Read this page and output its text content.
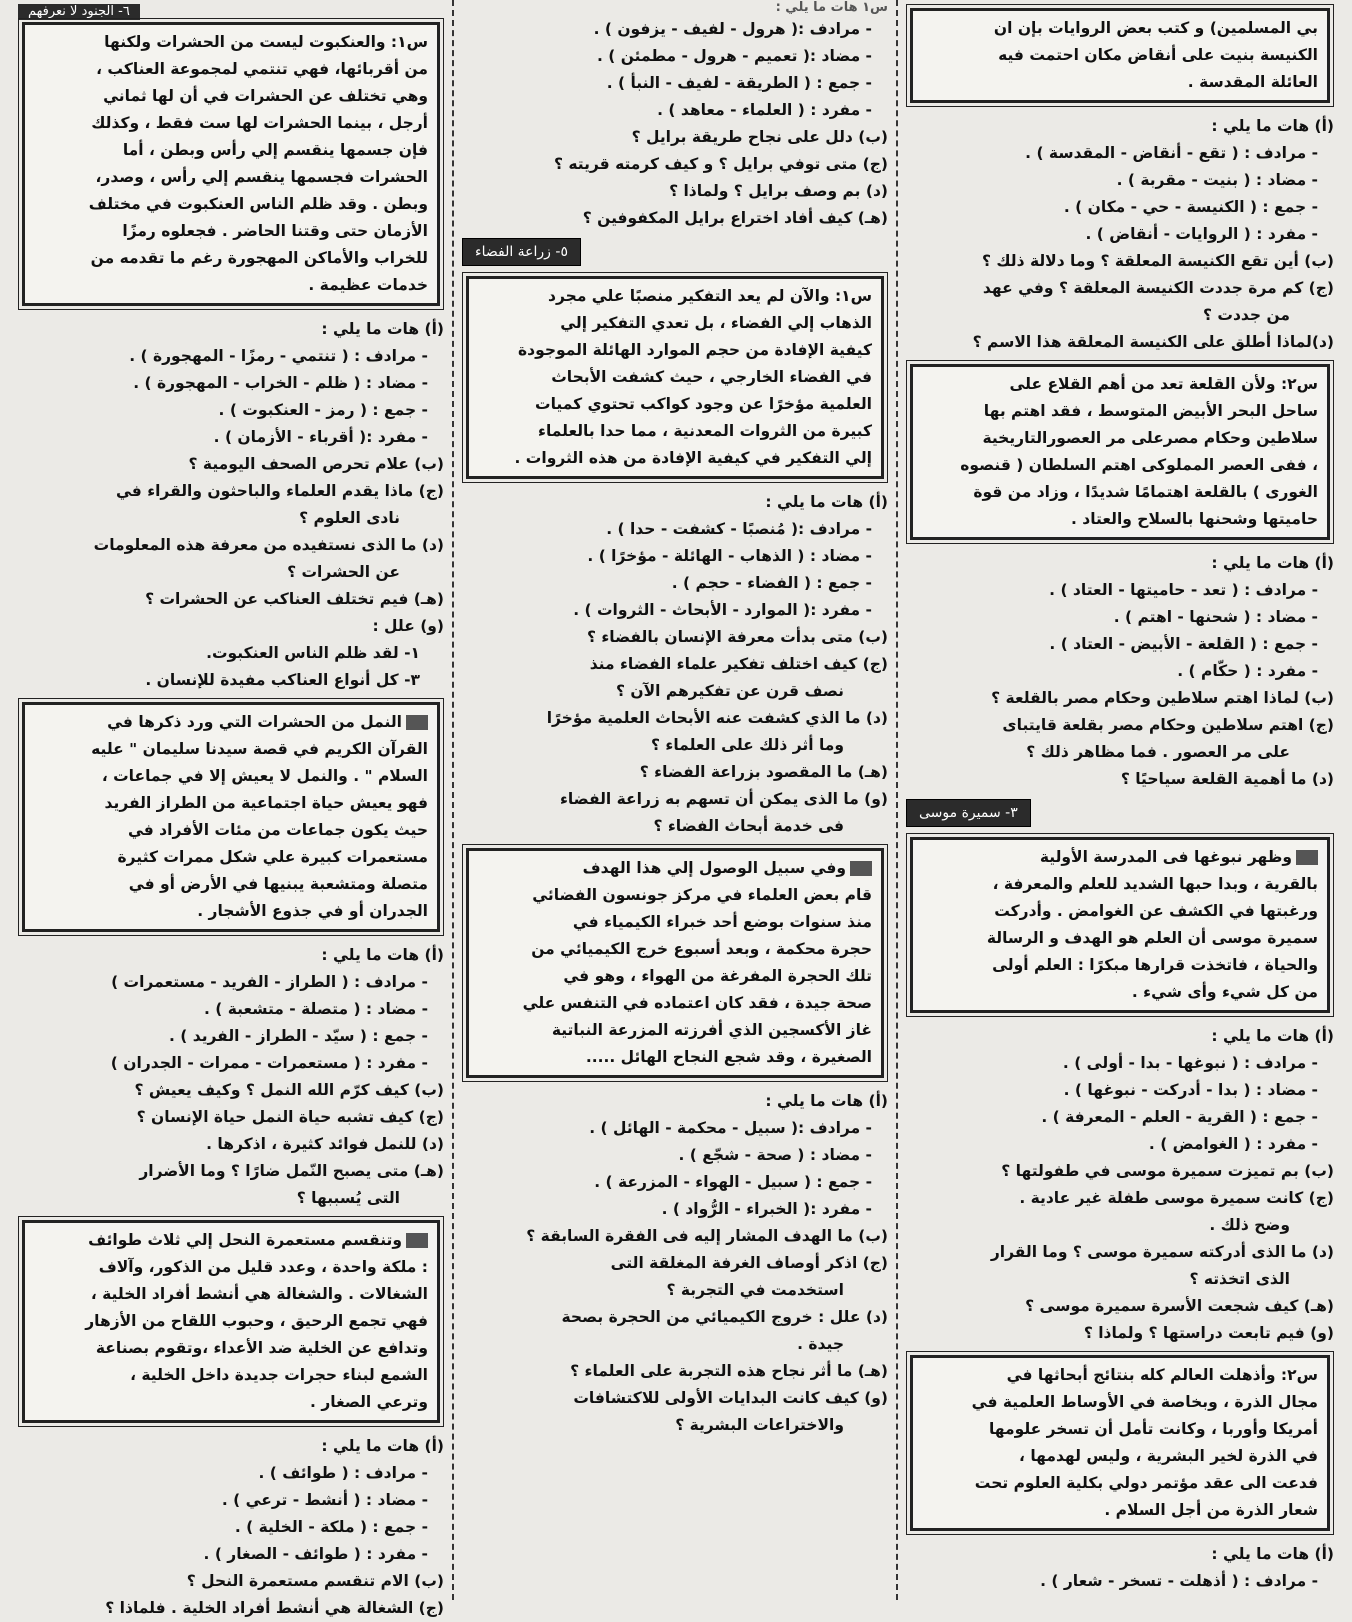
بي المسلمين) و كتب بعض الروايات بإن ان
الكنيسة بنيت على أنقاض مكان احتمت فيه
العائلة المقدسة .
(أ) هات ما يلي :
- مرادف : ( تقع - أنقاض - المقدسة ) .
- مضاد : ( بنيت - مقربة ) .
- جمع : ( الكنيسة - حي - مكان ) .
- مفرد : ( الروايات - أنقاض ) .
(ب) أين تقع الكنيسة المعلقة ؟ وما دلالة ذلك ؟
(ج) كم مرة جددت الكنيسة المعلقة ؟ وفي عهد
من جددت ؟
(د)لماذا أطلق على الكنيسة المعلقة هذا الاسم ؟
س٢: ولأن القلعة تعد من أهم القلاع على
ساحل البحر الأبيض المتوسط ، فقد اهتم بها
سلاطين وحكام مصرعلى مر العصورالتاريخية
، ففى العصر المملوكى اهتم السلطان ( قنصوه
الغورى ) بالقلعة اهتمامًا شديدًا ، وزاد من قوة
حاميتها وشحنها بالسلاح والعتاد .
(أ) هات ما يلي :
- مرادف : ( تعد - حاميتها - العتاد ) .
- مضاد : ( شحنها - اهتم ) .
- جمع : ( القلعة - الأبيض - العتاد ) .
- مفرد : ( حكّام ) .
(ب) لماذا اهتم سلاطين وحكام مصر بالقلعة ؟
(ج) اهتم سلاطين وحكام مصر بقلعة قايتباى
على مر العصور . فما مظاهر ذلك ؟
(د) ما أهمية القلعة سياحيًا ؟
٣- سميرة موسى
وظهر نبوغها فى المدرسة الأولية
بالقرية ، وبدا حبها الشديد للعلم والمعرفة ،
ورغبتها في الكشف عن الغوامض . وأدركت
سميرة موسى أن العلم هو الهدف و الرسالة
والحياة ، فاتخذت قرارها مبكرًا : العلم أولى
من كل شيء وأى شيء .
(أ) هات ما يلي :
- مرادف : ( نبوغها - بدا - أولى ) .
- مضاد : ( بدا - أدركت - نبوغها ) .
- جمع : ( القرية - العلم - المعرفة ) .
- مفرد : ( الغوامض ) .
(ب) بم تميزت سميرة موسى في طفولتها ؟
(ج) كانت سميرة موسى طفلة غير عادية .
وضح ذلك .
(د) ما الذى أدركته سميرة موسى ؟ وما القرار
الذى اتخذته ؟
(هـ) كيف شجعت الأسرة سميرة موسى ؟
(و) فيم تابعت دراستها ؟ ولماذا ؟
س٢: وأذهلت العالم كله بنتائج أبحاثها في
مجال الذرة ، وبخاصة في الأوساط العلمية في
أمريكا وأوربا ، وكانت تأمل أن تسخر علومها
في الذرة لخير البشرية ، وليس لهدمها ،
فدعت الى عقد مؤتمر دولي بكلية العلوم تحت
شعار الذرة من أجل السلام .
(أ) هات ما يلي :
- مرادف : ( أذهلت - تسخر - شعار ) .
س١ هات ما يلي :
- مرادف :( هرول - لفيف - يزفون ) .
- مضاد :( تعميم - هرول - مطمئن ) .
- جمع : ( الطريقة - لفيف - النبأ ) .
- مفرد : ( العلماء - معاهد ) .
(ب) دلل على نجاح طريقة برايل ؟
(ج) متى توفي برايل ؟ و كيف كرمته قريته ؟
(د) بم وصف برايل ؟ ولماذا ؟
(هـ) كيف أفاد اختراع برايل المكفوفين ؟
٥- زراعة الفضاء
س١: والآن لم يعد التفكير منصبًا علي مجرد
الذهاب إلي الفضاء ، بل تعدي التفكير إلي
كيفية الإفادة من حجم الموارد الهائلة الموجودة
في الفضاء الخارجي ، حيث كشفت الأبحاث
العلمية مؤخرًا عن وجود كواكب تحتوي كميات
كبيرة من الثروات المعدنية ، مما حدا بالعلماء
إلي التفكير في كيفية الإفادة من هذه الثروات .
(أ) هات ما يلي :
- مرادف :( مُنصبًا - كشفت - حدا ) .
- مضاد : ( الذهاب - الهائلة - مؤخرًا ) .
- جمع : ( الفضاء - حجم ) .
- مفرد :( الموارد - الأبحاث - الثروات ) .
(ب) متى بدأت معرفة الإنسان بالفضاء ؟
(ج) كيف اختلف تفكير علماء الفضاء منذ
نصف قرن عن تفكيرهم الآن ؟
(د) ما الذي كشفت عنه الأبحاث العلمية مؤخرًا
وما أثر ذلك على العلماء ؟
(هـ) ما المقصود بزراعة الفضاء ؟
(و) ما الذى يمكن أن تسهم به زراعة الفضاء
فى خدمة أبحاث الفضاء ؟
وفي سبيل الوصول إلي هذا الهدف
قام بعض العلماء في مركز جونسون الفضائي
منذ سنوات بوضع أحد خبراء الكيمياء في
حجرة محكمة ، وبعد أسبوع خرج الكيميائي من
تلك الحجرة المفرغة من الهواء ، وهو في
صحة جيدة ، فقد كان اعتماده في التنفس علي
غاز الأكسجين الذي أفرزته المزرعة النباتية
الصغيرة ، وقد شجع النجاح الهائل .....
(أ) هات ما يلي :
- مرادف :( سبيل - محكمة - الهائل ) .
- مضاد : ( صحة - شجّع ) .
- جمع : ( سبيل - الهواء - المزرعة ) .
- مفرد :( الخبراء - الرُّواد ) .
(ب) ما الهدف المشار إليه فى الفقرة السابقة ؟
(ج) اذكر أوصاف الغرفة المغلقة التى
استخدمت في التجربة ؟
(د) علل : خروج الكيميائي من الحجرة بصحة
جيدة .
(هـ) ما أثر نجاح هذه التجربة على العلماء ؟
(و) كيف كانت البدايات الأولى للاكتشافات
والاختراعات البشرية ؟
٦- الجنود لا نعرفهم
س١: والعنكبوت ليست من الحشرات ولكنها
من أقربائها، فهي تنتمي لمجموعة العناكب ،
وهي تختلف عن الحشرات في أن لها ثماني
أرجل ، بينما الحشرات لها ست فقط ، وكذلك
فإن جسمها ينقسم إلي رأس وبطن ، أما
الحشرات فجسمها ينقسم إلي رأس ، وصدر،
وبطن . وقد ظلم الناس العنكبوت في مختلف
الأزمان حتى وقتنا الحاضر . فجعلوه رمزًا
للخراب والأماكن المهجورة رغم ما تقدمه من
خدمات عظيمة .
(أ) هات ما يلي :
- مرادف : ( تنتمي - رمزًا - المهجورة ) .
- مضاد : ( ظلم - الخراب - المهجورة ) .
- جمع : ( رمز - العنكبوت ) .
- مفرد :( أقرباء - الأزمان ) .
(ب) علام تحرص الصحف اليومية ؟
(ج) ماذا يقدم العلماء والباحثون والقراء في
نادى العلوم ؟
(د) ما الذى نستفيده من معرفة هذه المعلومات
عن الحشرات ؟
(هـ) فيم تختلف العناكب عن الحشرات ؟
(و) علل :
١- لقد ظلم الناس العنكبوت.
٣- كل أنواع العناكب مفيدة للإنسان .
النمل من الحشرات التي ورد ذكرها في
القرآن الكريم في قصة سيدنا سليمان " عليه
السلام " . والنمل لا يعيش إلا في جماعات ،
فهو يعيش حياة اجتماعية من الطراز الفريد
حيث يكون جماعات من مئات الأفراد في
مستعمرات كبيرة علي شكل ممرات كثيرة
متصلة ومتشعبة يبنيها في الأرض أو في
الجدران أو في جذوع الأشجار .
(أ) هات ما يلي :
- مرادف : ( الطراز - الفريد - مستعمرات )
- مضاد : ( متصلة - متشعبة ) .
- جمع : ( سيّد - الطراز - الفريد ) .
- مفرد : ( مستعمرات - ممرات - الجدران )
(ب) كيف كرّم الله النمل ؟ وكيف يعيش ؟
(ج) كيف تشبه حياة النمل حياة الإنسان ؟
(د) للنمل فوائد كثيرة ، اذكرها .
(هـ) متى يصبح النّمل ضارًا ؟ وما الأضرار
التى يُسببها ؟
وتنقسم مستعمرة النحل إلي ثلاث طوائف
: ملكة واحدة ، وعدد قليل من الذكور، وآلاف
الشغالات . والشغالة هي أنشط أفراد الخلية ،
فهي تجمع الرحيق ، وحبوب اللقاح من الأزهار
وتدافع عن الخلية ضد الأعداء ،وتقوم بصناعة
الشمع لبناء حجرات جديدة داخل الخلية ،
وترعي الصغار .
(أ) هات ما يلي :
- مرادف : ( طوائف ) .
- مضاد : ( أنشط - ترعي ) .
- جمع : ( ملكة - الخلية ) .
- مفرد : ( طوائف - الصغار ) .
(ب) الام تنقسم مستعمرة النحل ؟
(ج) الشغالة هي أنشط أفراد الخلية . فلماذا ؟
